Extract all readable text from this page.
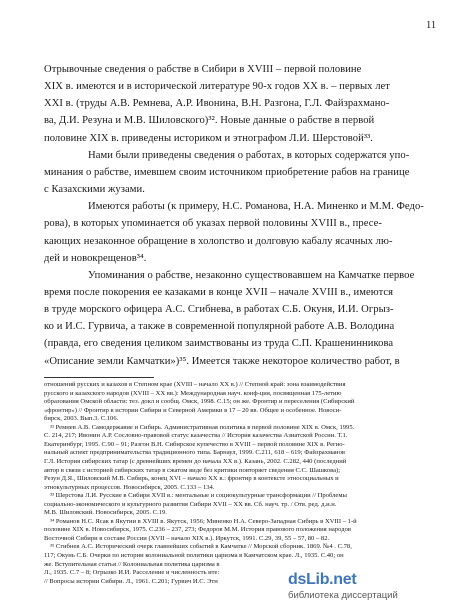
11
Отрывочные сведения о рабстве в Сибири в XVIII – первой половине
XIX в. имеются и в исторической литературе 90-х годов XX в. – первых лет
XXI в. (труды А.В. Ремнева, А.Р. Ивонина, В.Н. Разгона, Г.Л. Файзрахмано-
ва, Д.И. Резуна и М.В. Шиловского)³². Новые данные о рабстве в первой
половине XIX в. приведены историком и этнографом Л.И. Шерстовой³³.
Нами были приведены сведения о работах, в которых содержатся упо-
минания о рабстве, имевшем своим источником приобретение рабов на границе
с Казахскими жузами.
Имеются работы (к примеру, Н.С. Романова, Н.А. Миненко и М.М. Федо-
рова), в которых упоминается об указах первой половины XVIII в., пресе-
кающих незаконное обращение в холопство и долговую кабалу ясачных лю-
дей и новокрещенов³⁴.
Упоминания о рабстве, незаконно существовавшем на Камчатке первое
время после покорения ее казаками в конце XVII – начале XVIII в., имеются
в труде морского офицера А.С. Сгибнева, в работах С.Б. Окуня, И.И. Огрыз-
ко и И.С. Гурвича, а также в современной популярной работе А.В. Володина
(правда, его сведения целиком заимствованы из труда С.П. Крашенинникова
«Описание земли Камчатки»)³⁵. Имеется также некоторое количество работ, в
отношений русских и казахов в Степном крае (XVIII – начало XX в.) // Степной край: зона взаимодействия
русского и казахского народов (XVIII – XX вв.): Международная науч. конф-ция, посвященная 175-летию
образования Омской области: тез. докл и сообщ. Омск, 1998. С.15; он же. Фронтир и переселения (Сибирский
«фронтир») // Фронтир в истории Сибири и Северной Америки в 17 – 20 вв. Общее и особенное. Новоси-
бирск, 2003. Вып.3. С.106.
³² Ремнев А.В. Самодержавие и Сибирь. Административная политика в первой половине XIX в. Омск, 1995.
С. 214, 217; Ивонин А.Р. Сословно-правовой статус казачества // История казачества Азиатской России. Т.1.
Екатеринбург, 1995. С.90 – 91; Разгон В.Н. Сибирское купечество в XVIII – первой половине XIX в. Регио-
нальный аспект предпринимательства традиционного типа. Барнаул, 1999. С.211, 618 – 619; Файзрахманов
Г.Л. История сибирских татар (с древнейших времен до начала XX в.). Казань, 2002. С.282, 440 (последний
автор в связи с историей сибирских татар в сжатом виде без критики повторяет сведения С.С. Шашкова);
Резун Д.Я., Шиловский М.В. Сибирь, конец XVI – начало XX в.: фронтир в контексте этносоциальных и
этнокультурных процессов. Новосибирск, 2005. С.133 – 134.
³³ Шерстова Л.И. Русские в Сибири XVII в.: ментальные и социокультурные трансформации // Проблемы
социально-экономического и культурного развития Сибири XVII – XX вв. Сб. науч. тр. / Отв. ред. д.и.н.
М.В. Шиловский. Новосибирск, 2005. С.19.
³⁴ Романов Н.С. Ясак в Якутии в XVIII в. Якутск, 1956; Миненко Н.А. Северо-Западная Сибирь в XVIII – 1-й
половине XIX в. Новосибирск, 1975. С.236 – 237, 273; Федоров М.М. История правового положения народов
Восточной Сибири в составе России (XVII – начало XIX в.). Иркутск, 1991. С.29, 39, 55 – 57, 80 – 82.
³⁵ Сгибнев А.С. Исторический очерк главнейших событий в Камчатке // Морской сборник. 1869. №4 . С.78,
117; Окунь С.Б. Очерки по истории колониальной политики царизма в Камчатском крае. Л., 1935. С.40; он
же. Вступительная статья // Колониальная политика царизма в
Л., 1935. С.7 – 8; Огрызко И.И. Расселение и численность ите:
// Вопросы истории Сибири. Л., 1961. С.201; Гурвич И.С. Этн	dsLib.net
библиотека диссертаций
